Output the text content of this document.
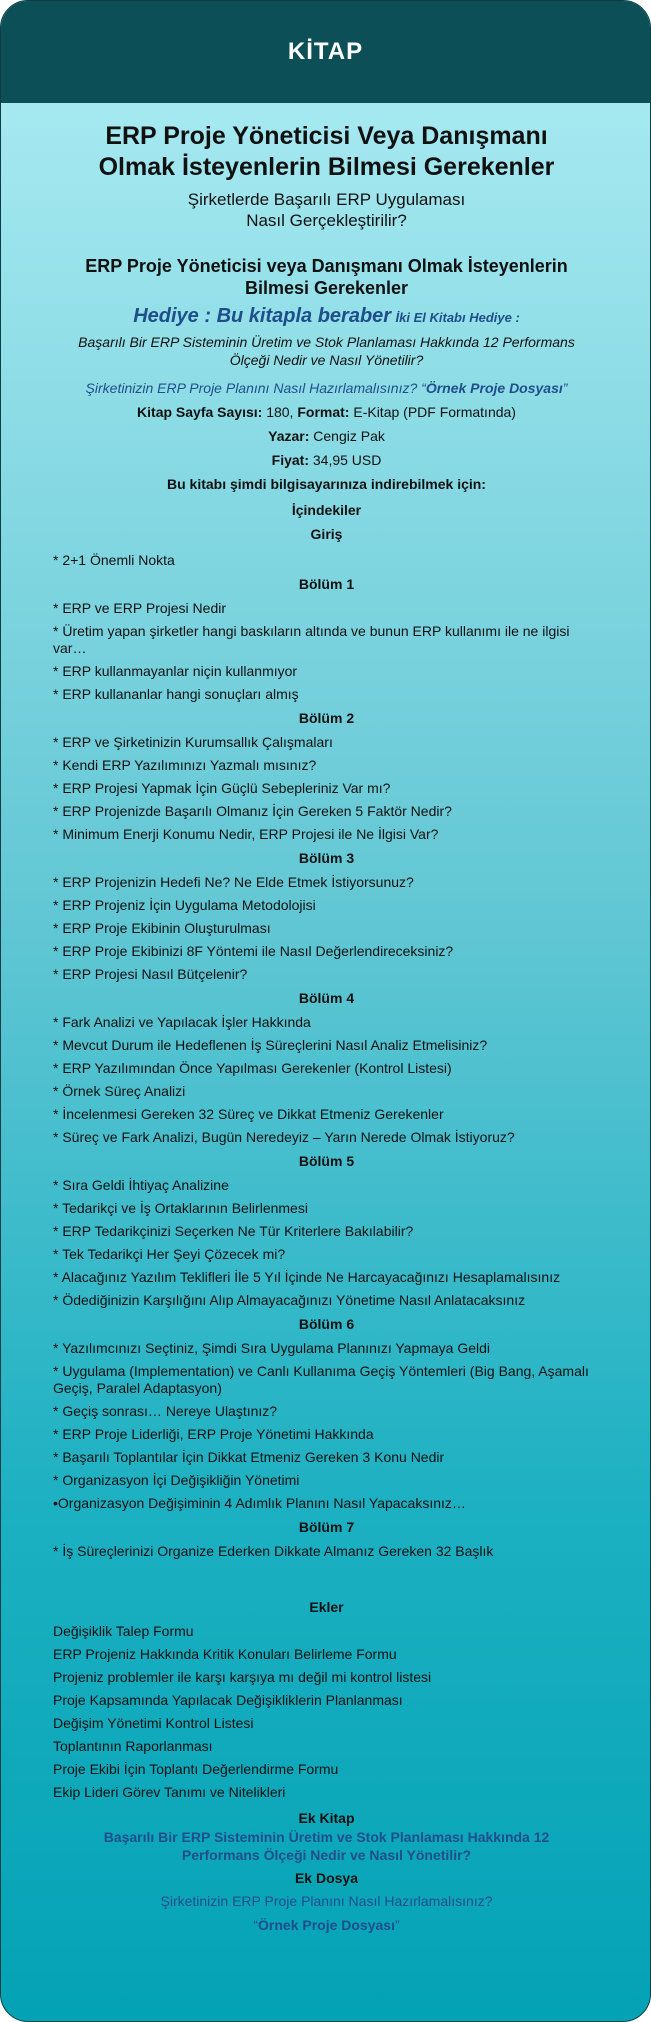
KİTAP
ERP Proje Yöneticisi Veya Danışmanı
Olmak İsteyenlerin Bilmesi Gerekenler
Şirketlerde Başarılı ERP Uygulaması
Nasıl Gerçekleştirilir?
ERP Proje Yöneticisi veya Danışmanı Olmak İsteyenlerin
Bilmesi Gerekenler
Hediye : Bu kitapla beraber İki El Kitabı Hediye :
Başarılı Bir ERP Sisteminin Üretim ve Stok Planlaması Hakkında 12 Performans
Ölçeği Nedir ve Nasıl Yönetilir?
Şirketinizin ERP Proje Planını Nasıl Hazırlamalısınız? “Örnek Proje Dosyası”
Kitap Sayfa Sayısı: 180, Format: E-Kitap (PDF Formatında)
Yazar: Cengiz Pak
Fiyat: 34,95 USD
Bu kitabı şimdi bilgisayarınıza indirebilmek için:
İçindekiler
Giriş
* 2+1 Önemli Nokta
Bölüm 1
* ERP ve ERP Projesi Nedir
* Üretim yapan şirketler hangi baskıların altında ve bunun ERP kullanımı ile ne ilgisi var…
* ERP kullanmayanlar niçin kullanmıyor
* ERP kullananlar hangi sonuçları almış
Bölüm 2
* ERP ve Şirketinizin Kurumsallık Çalışmaları
* Kendi ERP Yazılımınızı Yazmalı mısınız?
* ERP Projesi Yapmak İçin Güçlü Sebepleriniz Var mı?
* ERP Projenizde Başarılı Olmanız İçin Gereken 5 Faktör Nedir?
* Minimum Enerji Konumu Nedir, ERP Projesi ile Ne İlgisi Var?
Bölüm 3
* ERP Projenizin Hedefi Ne? Ne Elde Etmek İstiyorsunuz?
* ERP Projeniz İçin Uygulama Metodolojisi
* ERP Proje Ekibinin Oluşturulması
* ERP Proje Ekibinizi 8F Yöntemi ile Nasıl Değerlendireceksiniz?
* ERP Projesi Nasıl Bütçelenir?
Bölüm 4
* Fark Analizi ve Yapılacak İşler Hakkında
* Mevcut Durum ile Hedeflenen İş Süreçlerini Nasıl Analiz Etmelisiniz?
* ERP Yazılımından Önce Yapılması Gerekenler (Kontrol Listesi)
* Örnek Süreç Analizi
* İncelenmesi Gereken 32 Süreç ve Dikkat Etmeniz Gerekenler
* Süreç ve Fark Analizi, Bugün Neredeyiz – Yarın Nerede Olmak İstiyoruz?
Bölüm 5
* Sıra Geldi İhtiyaç Analizine
* Tedarikçi ve İş Ortaklarının Belirlenmesi
* ERP Tedarikçinizi Seçerken Ne Tür Kriterlere Bakılabilir?
* Tek Tedarikçi Her Şeyi Çözecek mi?
* Alacağınız Yazılım Teklifleri İle 5 Yıl İçinde Ne Harcayacağınızı Hesaplamalısınız
* Ödediğinizin Karşılığını Alıp Almayacağınızı Yönetime Nasıl Anlatacaksınız
Bölüm 6
* Yazılımcınızı Seçtiniz, Şimdi Sıra Uygulama Planınızı Yapmaya Geldi
* Uygulama (Implementation) ve Canlı Kullanıma Geçiş Yöntemleri (Big Bang, Aşamalı Geçiş, Paralel Adaptasyon)
* Geçiş sonrası… Nereye Ulaştınız?
* ERP Proje Liderliği, ERP Proje Yönetimi Hakkında
* Başarılı Toplantılar İçin Dikkat Etmeniz Gereken 3 Konu Nedir
* Organizasyon İçi Değişikliğin Yönetimi
•Organizasyon Değişiminin 4 Adımlık Planını Nasıl Yapacaksınız…
Bölüm 7
* İş Süreçlerinizi Organize Ederken Dikkate Almanız Gereken 32 Başlık
Ekler
Değişiklik Talep Formu
ERP Projeniz Hakkında Kritik Konuları Belirleme Formu
Projeniz problemler ile karşı karşıya mı değil mi kontrol listesi
Proje Kapsamında Yapılacak Değişikliklerin Planlanması
Değişim Yönetimi Kontrol Listesi
Toplantının Raporlanması
Proje Ekibi İçin Toplantı Değerlendirme Formu
Ekip Lideri Görev Tanımı ve Nitelikleri
Ek Kitap
Başarılı Bir ERP Sisteminin Üretim ve Stok Planlaması Hakkında 12
Performans Ölçeği Nedir ve Nasıl Yönetilir?
Ek Dosya
Şirketinizin ERP Proje Planını Nasıl Hazırlamalısınız?
“Örnek Proje Dosyası”
